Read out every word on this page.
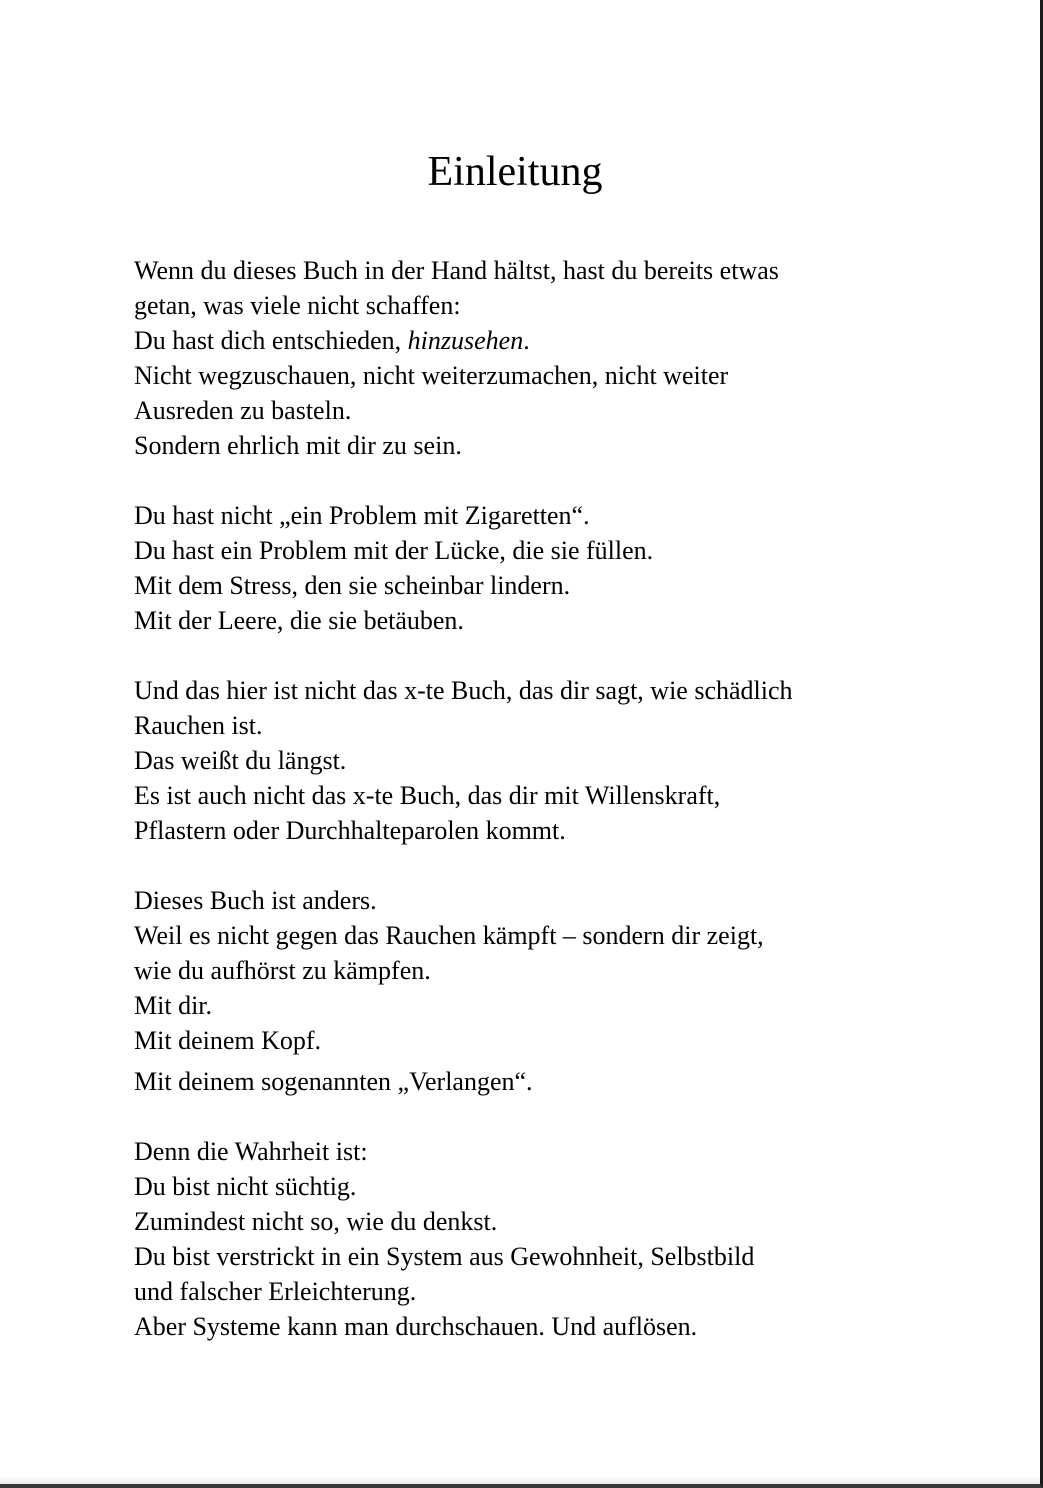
Einleitung

Wenn du dieses Buch in der Hand hältst, hast du bereits etwas
getan, was viele nicht schaffen:
Du hast dich entschieden, hinzusehen.
Nicht wegzuschauen, nicht weiterzumachen, nicht weiter
Ausreden zu basteln.
Sondern ehrlich mit dir zu sein.

Du hast nicht „ein Problem mit Zigaretten“.
Du hast ein Problem mit der Lücke, die sie füllen.
Mit dem Stress, den sie scheinbar lindern.
Mit der Leere, die sie betäuben.

Und das hier ist nicht das x-te Buch, das dir sagt, wie schädlich
Rauchen ist.
Das weißt du längst.
Es ist auch nicht das x-te Buch, das dir mit Willenskraft,
Pflastern oder Durchhalteparolen kommt.

Dieses Buch ist anders.
Weil es nicht gegen das Rauchen kämpft – sondern dir zeigt,
wie du aufhörst zu kämpfen.
Mit dir.
Mit deinem Kopf.
Mit deinem sogenannten „Verlangen“.

Denn die Wahrheit ist:
Du bist nicht süchtig.
Zumindest nicht so, wie du denkst.
Du bist verstrickt in ein System aus Gewohnheit, Selbstbild
und falscher Erleichterung.
Aber Systeme kann man durchschauen. Und auflösen.
